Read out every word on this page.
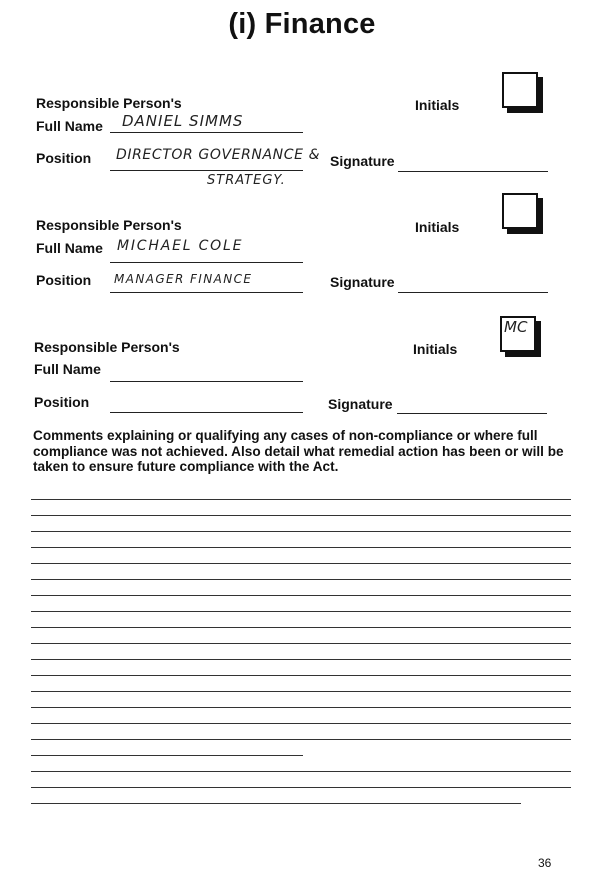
(i) Finance
Responsible Person's
Full Name DANIEL SIMMS
Position DIRECTOR GOVERNANCE &
STRATEGY.
Initials
Signature
Responsible Person's
Full Name MICHAEL COLE
Position MANAGER FINANCE
Initials
Signature
Responsible Person's
Full Name
Position
Initials
MC
Signature
Comments explaining or qualifying any cases of non-compliance or where full compliance was not achieved. Also detail what remedial action has been or will be taken to ensure future compliance with the Act.
36
